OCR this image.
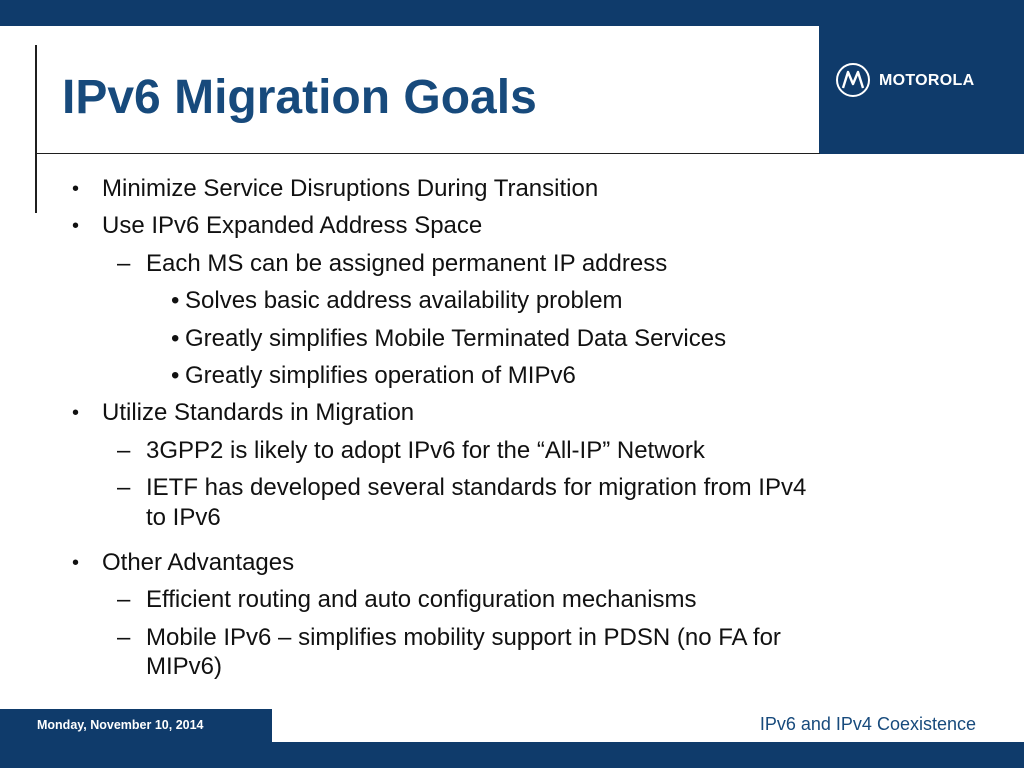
MOTOROLA
IPv6 Migration Goals
• Minimize Service Disruptions During Transition
• Use IPv6 Expanded Address Space
– Each MS can be assigned permanent IP address
• Solves basic address availability problem
• Greatly simplifies Mobile Terminated Data Services
• Greatly simplifies operation of MIPv6
• Utilize Standards in Migration
– 3GPP2 is likely to adopt IPv6 for the “All-IP” Network
– IETF has developed several standards for migration from IPv4
to IPv6
• Other Advantages
– Efficient routing and auto configuration mechanisms
– Mobile IPv6 – simplifies mobility support in PDSN (no FA for
MIPv6)
Monday, November 10, 2014	IPv6 and IPv4 Coexistence
